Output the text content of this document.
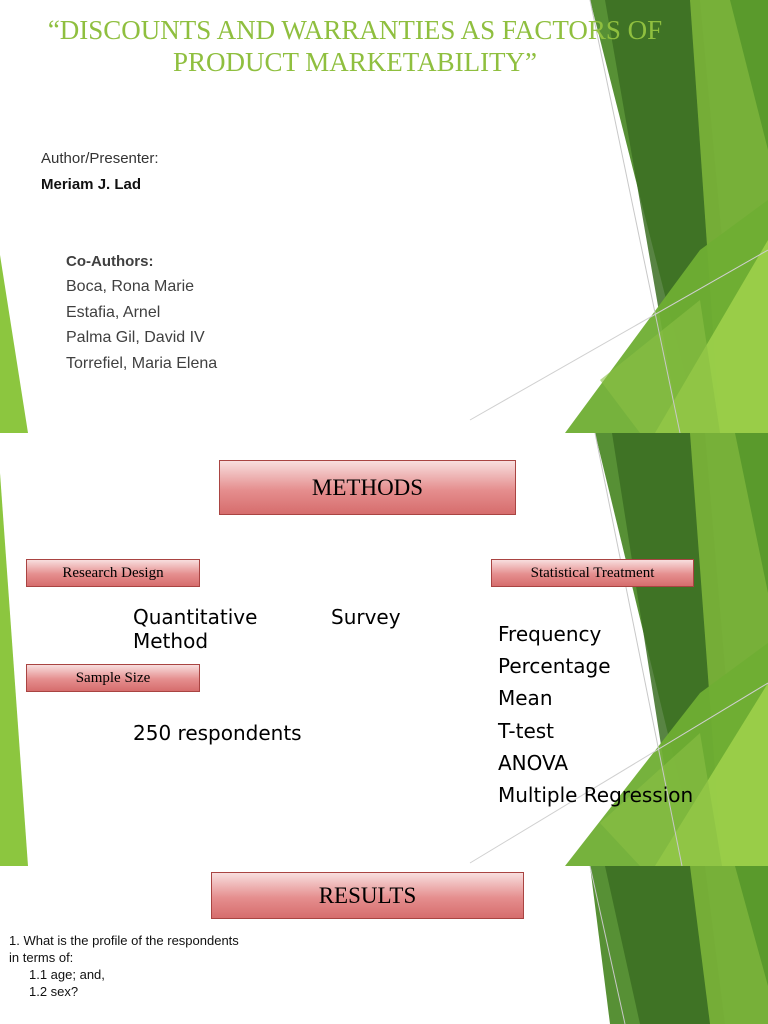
“DISCOUNTS AND WARRANTIES AS FACTORS OF
PRODUCT MARKETABILITY”
Author/Presenter:
Meriam J. Lad
Co-Authors:
Boca, Rona Marie
Estafia, Arnel
Palma Gil, David IV
Torrefiel, Maria Elena
METHODS
Research Design
Quantitative
Method
Survey
Sample Size
250 respondents
Statistical Treatment
Frequency
Percentage
Mean
T-test
ANOVA
Multiple Regression
RESULTS
1. What is the profile of the respondents
in terms of:
1.1 age; and,
1.2 sex?
